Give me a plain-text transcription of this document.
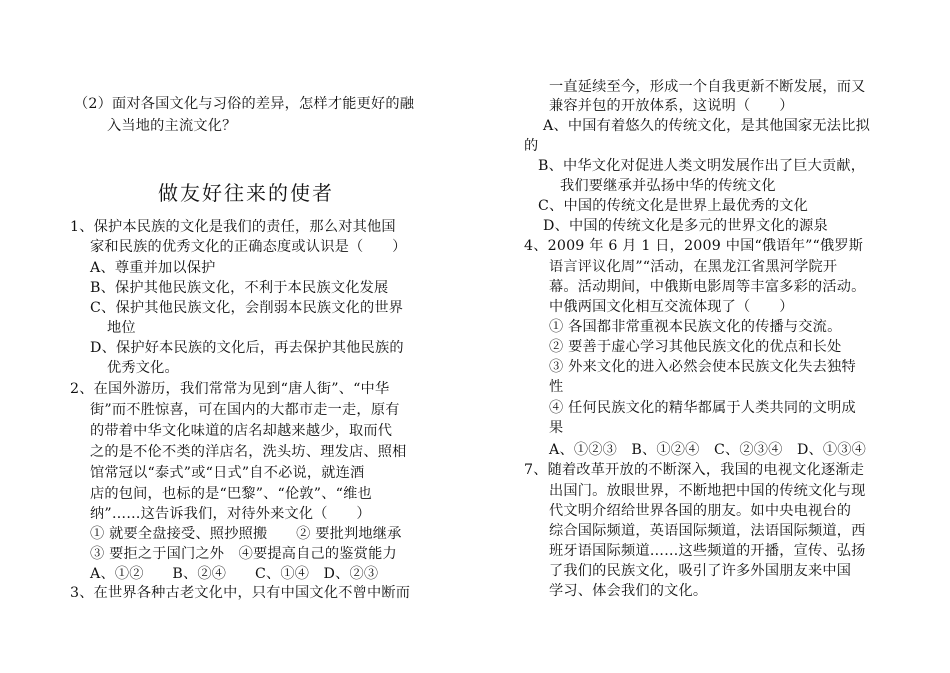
（2）面对各国文化与习俗的差异，怎样才能更好的融
入当地的主流文化？
做友好往来的使者
1、保护本民族的文化是我们的责任，那么对其他国
家和民族的优秀文化的正确态度或认识是（　　）
A、尊重并加以保护
B、保护其他民族文化，不利于本民族文化发展
C、保护其他民族文化，会削弱本民族文化的世界
地位
D、保护好本民族的文化后，再去保护其他民族的
优秀文化。
2、在国外游历，我们常常为见到“唐人街”、“中华
街”而不胜惊喜，可在国内的大都市走一走，原有
的带着中华文化味道的店名却越来越少，取而代
之的是不伦不类的洋店名，洗头坊、理发店、照相
馆常冠以“泰式”或“日式”自不必说，就连酒
店的包间，也标的是“巴黎”、“伦敦”、“维也
纳”……这告诉我们，对待外来文化（　　）
① 就要全盘接受、照抄照搬　　② 要批判地继承
③ 要拒之于国门之外　④要提高自己的鉴赏能力
A、①②　　B、②④　　C、①④　D、②③
3、在世界各种古老文化中，只有中国文化不曾中断而
一直延续至今，形成一个自我更新不断发展，而又
兼容并包的开放体系，这说明（　　）
A、中国有着悠久的传统文化，是其他国家无法比拟
的
B、中华文化对促进人类文明发展作出了巨大贡献，
我们要继承并弘扬中华的传统文化
C、中国的传统文化是世界上最优秀的文化
D、中国的传统文化是多元的世界文化的源泉
4、2009 年 6 月 1 日，2009 中国“俄语年”“俄罗斯
语言评议化周”“活动，在黑龙江省黑河学院开
幕。活动期间，中俄斯电影周等丰富多彩的活动。
中俄两国文化相互交流体现了（　　）
① 各国都非常重视本民族文化的传播与交流。
② 要善于虚心学习其他民族文化的优点和长处
③ 外来文化的进入必然会使本民族文化失去独特
性
④ 任何民族文化的精华都属于人类共同的文明成
果
A、①②③　B、①②④　C、②③④　D、①③④
7、随着改革开放的不断深入，我国的电视文化逐渐走
出国门。放眼世界，不断地把中国的传统文化与现
代文明介绍给世界各国的朋友。如中央电视台的
综合国际频道，英语国际频道，法语国际频道，西
班牙语国际频道……这些频道的开播，宣传、弘扬
了我们的民族文化，吸引了许多外国朋友来中国
学习、体会我们的文化。
